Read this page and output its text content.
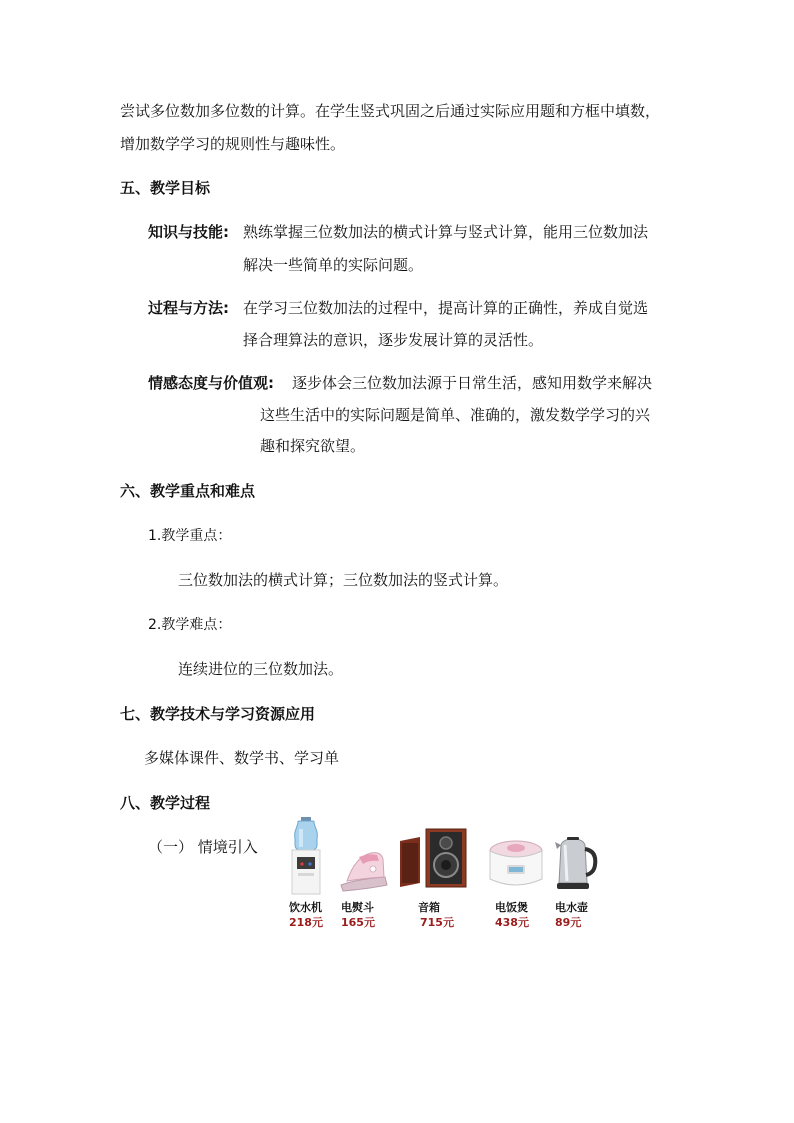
尝试多位数加多位数的计算。在学生竖式巩固之后通过实际应用题和方框中填数，
增加数学学习的规则性与趣味性。
五、教学目标
知识与技能: 熟练掌握三位数加法的横式计算与竖式计算，能用三位数加法
解决一些简单的实际问题。
过程与方法: 在学习三位数加法的过程中，提高计算的正确性，养成自觉选
择合理算法的意识，逐步发展计算的灵活性。
情感态度与价值观: 逐步体会三位数加法源于日常生活，感知用数学来解决
这些生活中的实际问题是简单、准确的，激发数学学习的兴
趣和探究欲望。
六、教学重点和难点
1.教学重点：
三位数加法的横式计算；三位数加法的竖式计算。
2.教学难点：
连续进位的三位数加法。
七、教学技术与学习资源应用
多媒体课件、数学书、学习单
八、教学过程
（一） 情境引入
饮水机
218元
电熨斗
165元
音箱
715元
电饭煲
438元
电水壶
89元
